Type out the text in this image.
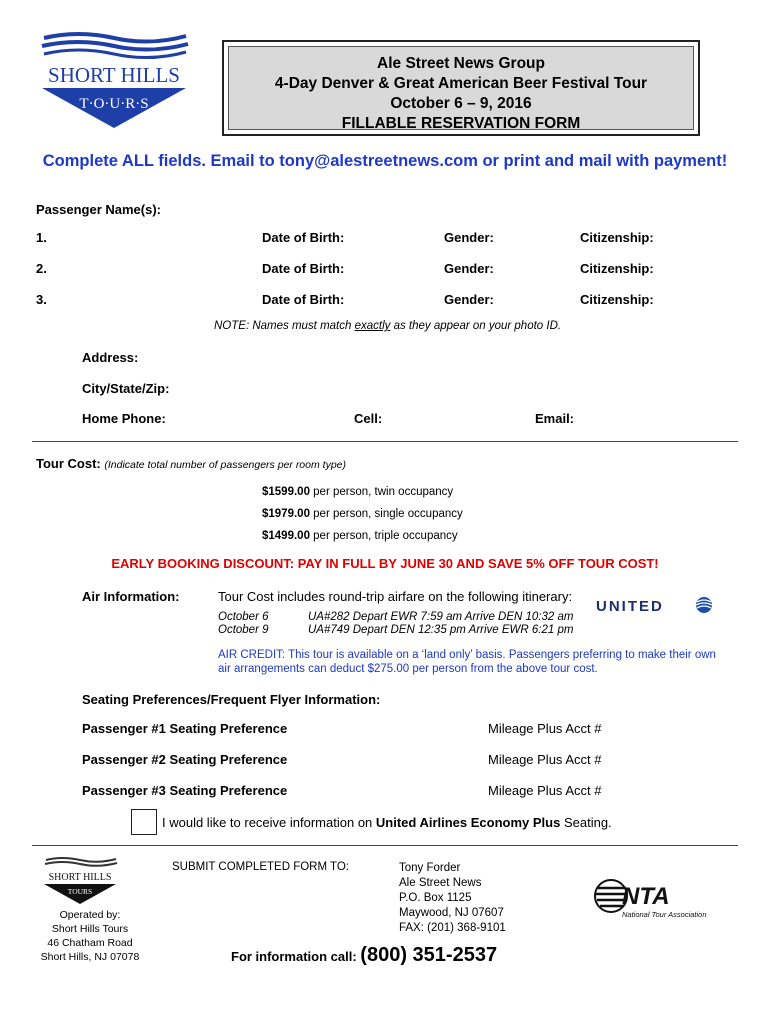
SHORT HILLS
T·O·U·R·S
Ale Street News Group
4-Day Denver & Great American Beer Festival Tour
October 6 – 9, 2016
FILLABLE RESERVATION FORM
Complete ALL fields. Email to tony@alestreetnews.com or print and mail with payment!
Passenger Name(s):
1.	Date of Birth:	Gender:	Citizenship:
2.	Date of Birth:	Gender:	Citizenship:
3.	Date of Birth:	Gender:	Citizenship:
NOTE: Names must match exactly as they appear on your photo ID.
Address:
City/State/Zip:
Home Phone:	Cell:	Email:
Tour Cost: (Indicate total number of passengers per room type)
$1599.00 per person, twin occupancy
$1979.00 per person, single occupancy
$1499.00 per person, triple occupancy
EARLY BOOKING DISCOUNT: PAY IN FULL BY JUNE 30 AND SAVE 5% OFF TOUR COST!
Air Information:	Tour Cost includes round-trip airfare on the following itinerary:
UNITED
October 6	UA#282 Depart EWR 7:59 am Arrive DEN 10:32 am
October 9	UA#749 Depart DEN 12:35 pm Arrive EWR 6:21 pm
AIR CREDIT: This tour is available on a ‘land only’ basis. Passengers preferring to make their own
air arrangements can deduct $275.00 per person from the above tour cost.
Seating Preferences/Frequent Flyer Information:
Passenger #1 Seating Preference	Mileage Plus Acct #
Passenger #2 Seating Preference	Mileage Plus Acct #
Passenger #3 Seating Preference	Mileage Plus Acct #
I would like to receive information on United Airlines Economy Plus Seating.
SHORT HILLS
TOURS
Operated by:
Short Hills Tours
46 Chatham Road
Short Hills, NJ 07078
SUBMIT COMPLETED FORM TO:	Tony Forder
Ale Street News
P.O. Box 1125
Maywood, NJ 07607
FAX: (201) 368-9101
NTA
National Tour Association
For information call: (800) 351-2537
